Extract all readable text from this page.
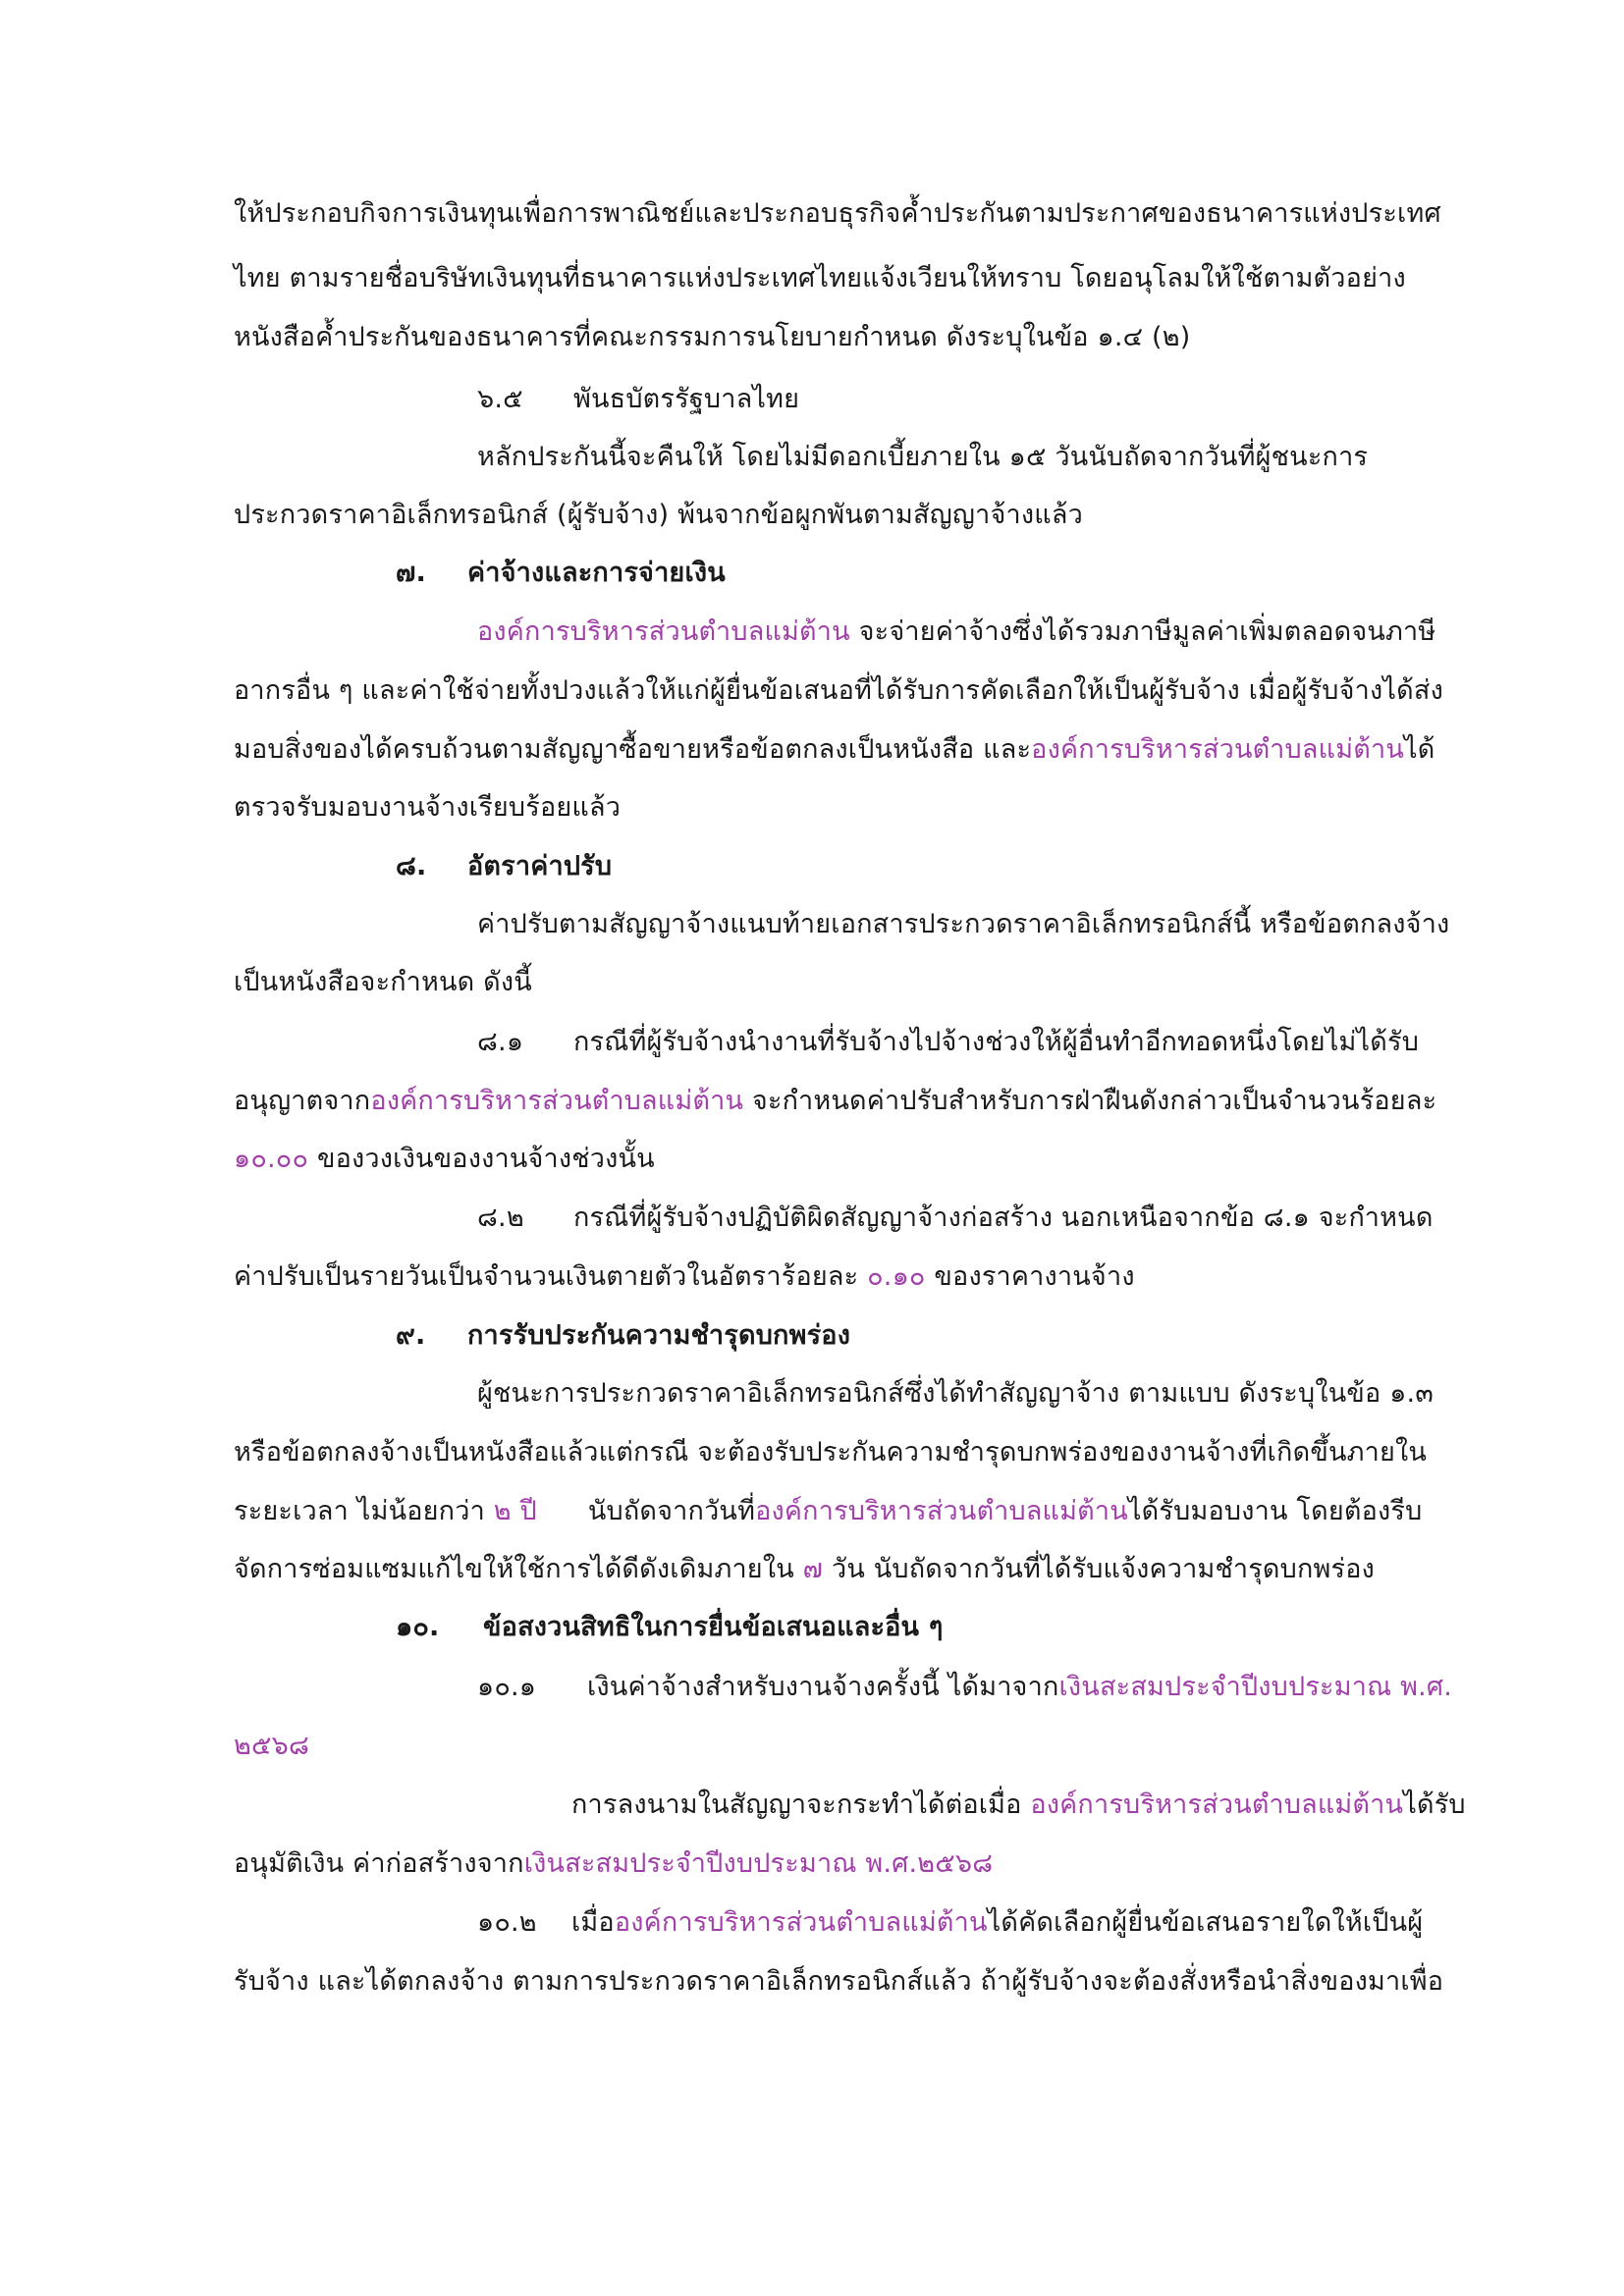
ให้ประกอบกิจการเงินทุนเพื่อการพาณิชย์และประกอบธุรกิจค้ำประกันตามประกาศของธนาคารแห่งประเทศ
ไทย ตามรายชื่อบริษัทเงินทุนที่ธนาคารแห่งประเทศไทยแจ้งเวียนให้ทราบ โดยอนุโลมให้ใช้ตามตัวอย่าง
หนังสือค้ำประกันของธนาคารที่คณะกรรมการนโยบายกำหนด ดังระบุในข้อ ๑.๔ (๒)
๖.๕ พันธบัตรรัฐบาลไทย
หลักประกันนี้จะคืนให้ โดยไม่มีดอกเบี้ยภายใน ๑๕ วันนับถัดจากวันที่ผู้ชนะการ
ประกวดราคาอิเล็กทรอนิกส์ (ผู้รับจ้าง) พ้นจากข้อผูกพันตามสัญญาจ้างแล้ว
๗. ค่าจ้างและการจ่ายเงิน
องค์การบริหารส่วนตำบลแม่ต้าน จะจ่ายค่าจ้างซึ่งได้รวมภาษีมูลค่าเพิ่มตลอดจนภาษี
อากรอื่น ๆ และค่าใช้จ่ายทั้งปวงแล้วให้แก่ผู้ยื่นข้อเสนอที่ได้รับการคัดเลือกให้เป็นผู้รับจ้าง เมื่อผู้รับจ้างได้ส่ง
มอบสิ่งของได้ครบถ้วนตามสัญญาซื้อขายหรือข้อตกลงเป็นหนังสือ และองค์การบริหารส่วนตำบลแม่ต้านได้
ตรวจรับมอบงานจ้างเรียบร้อยแล้ว
๘. อัตราค่าปรับ
ค่าปรับตามสัญญาจ้างแนบท้ายเอกสารประกวดราคาอิเล็กทรอนิกส์นี้ หรือข้อตกลงจ้าง
เป็นหนังสือจะกำหนด ดังนี้
๘.๑ กรณีที่ผู้รับจ้างนำงานที่รับจ้างไปจ้างช่วงให้ผู้อื่นทำอีกทอดหนึ่งโดยไม่ได้รับ
อนุญาตจากองค์การบริหารส่วนตำบลแม่ต้าน จะกำหนดค่าปรับสำหรับการฝ่าฝืนดังกล่าวเป็นจำนวนร้อยละ
๑๐.๐๐ ของวงเงินของงานจ้างช่วงนั้น
๘.๒ กรณีที่ผู้รับจ้างปฏิบัติผิดสัญญาจ้างก่อสร้าง นอกเหนือจากข้อ ๘.๑ จะกำหนด
ค่าปรับเป็นรายวันเป็นจำนวนเงินตายตัวในอัตราร้อยละ ๐.๑๐ ของราคางานจ้าง
๙. การรับประกันความชำรุดบกพร่อง
ผู้ชนะการประกวดราคาอิเล็กทรอนิกส์ซึ่งได้ทำสัญญาจ้าง ตามแบบ ดังระบุในข้อ ๑.๓
หรือข้อตกลงจ้างเป็นหนังสือแล้วแต่กรณี จะต้องรับประกันความชำรุดบกพร่องของงานจ้างที่เกิดขึ้นภายใน
ระยะเวลา ไม่น้อยกว่า ๒ ปี นับถัดจากวันที่องค์การบริหารส่วนตำบลแม่ต้านได้รับมอบงาน โดยต้องรีบ
จัดการซ่อมแซมแก้ไขให้ใช้การได้ดีดังเดิมภายใน ๗ วัน นับถัดจากวันที่ได้รับแจ้งความชำรุดบกพร่อง
๑๐. ข้อสงวนสิทธิในการยื่นข้อเสนอและอื่น ๆ
๑๐.๑ เงินค่าจ้างสำหรับงานจ้างครั้งนี้ ได้มาจากเงินสะสมประจำปีงบประมาณ พ.ศ.
๒๕๖๘
การลงนามในสัญญาจะกระทำได้ต่อเมื่อ องค์การบริหารส่วนตำบลแม่ต้านได้รับ
อนุมัติเงิน ค่าก่อสร้างจากเงินสะสมประจำปีงบประมาณ พ.ศ.๒๕๖๘
๑๐.๒ เมื่อองค์การบริหารส่วนตำบลแม่ต้านได้คัดเลือกผู้ยื่นข้อเสนอรายใดให้เป็นผู้
รับจ้าง และได้ตกลงจ้าง ตามการประกวดราคาอิเล็กทรอนิกส์แล้ว ถ้าผู้รับจ้างจะต้องสั่งหรือนำสิ่งของมาเพื่อ
